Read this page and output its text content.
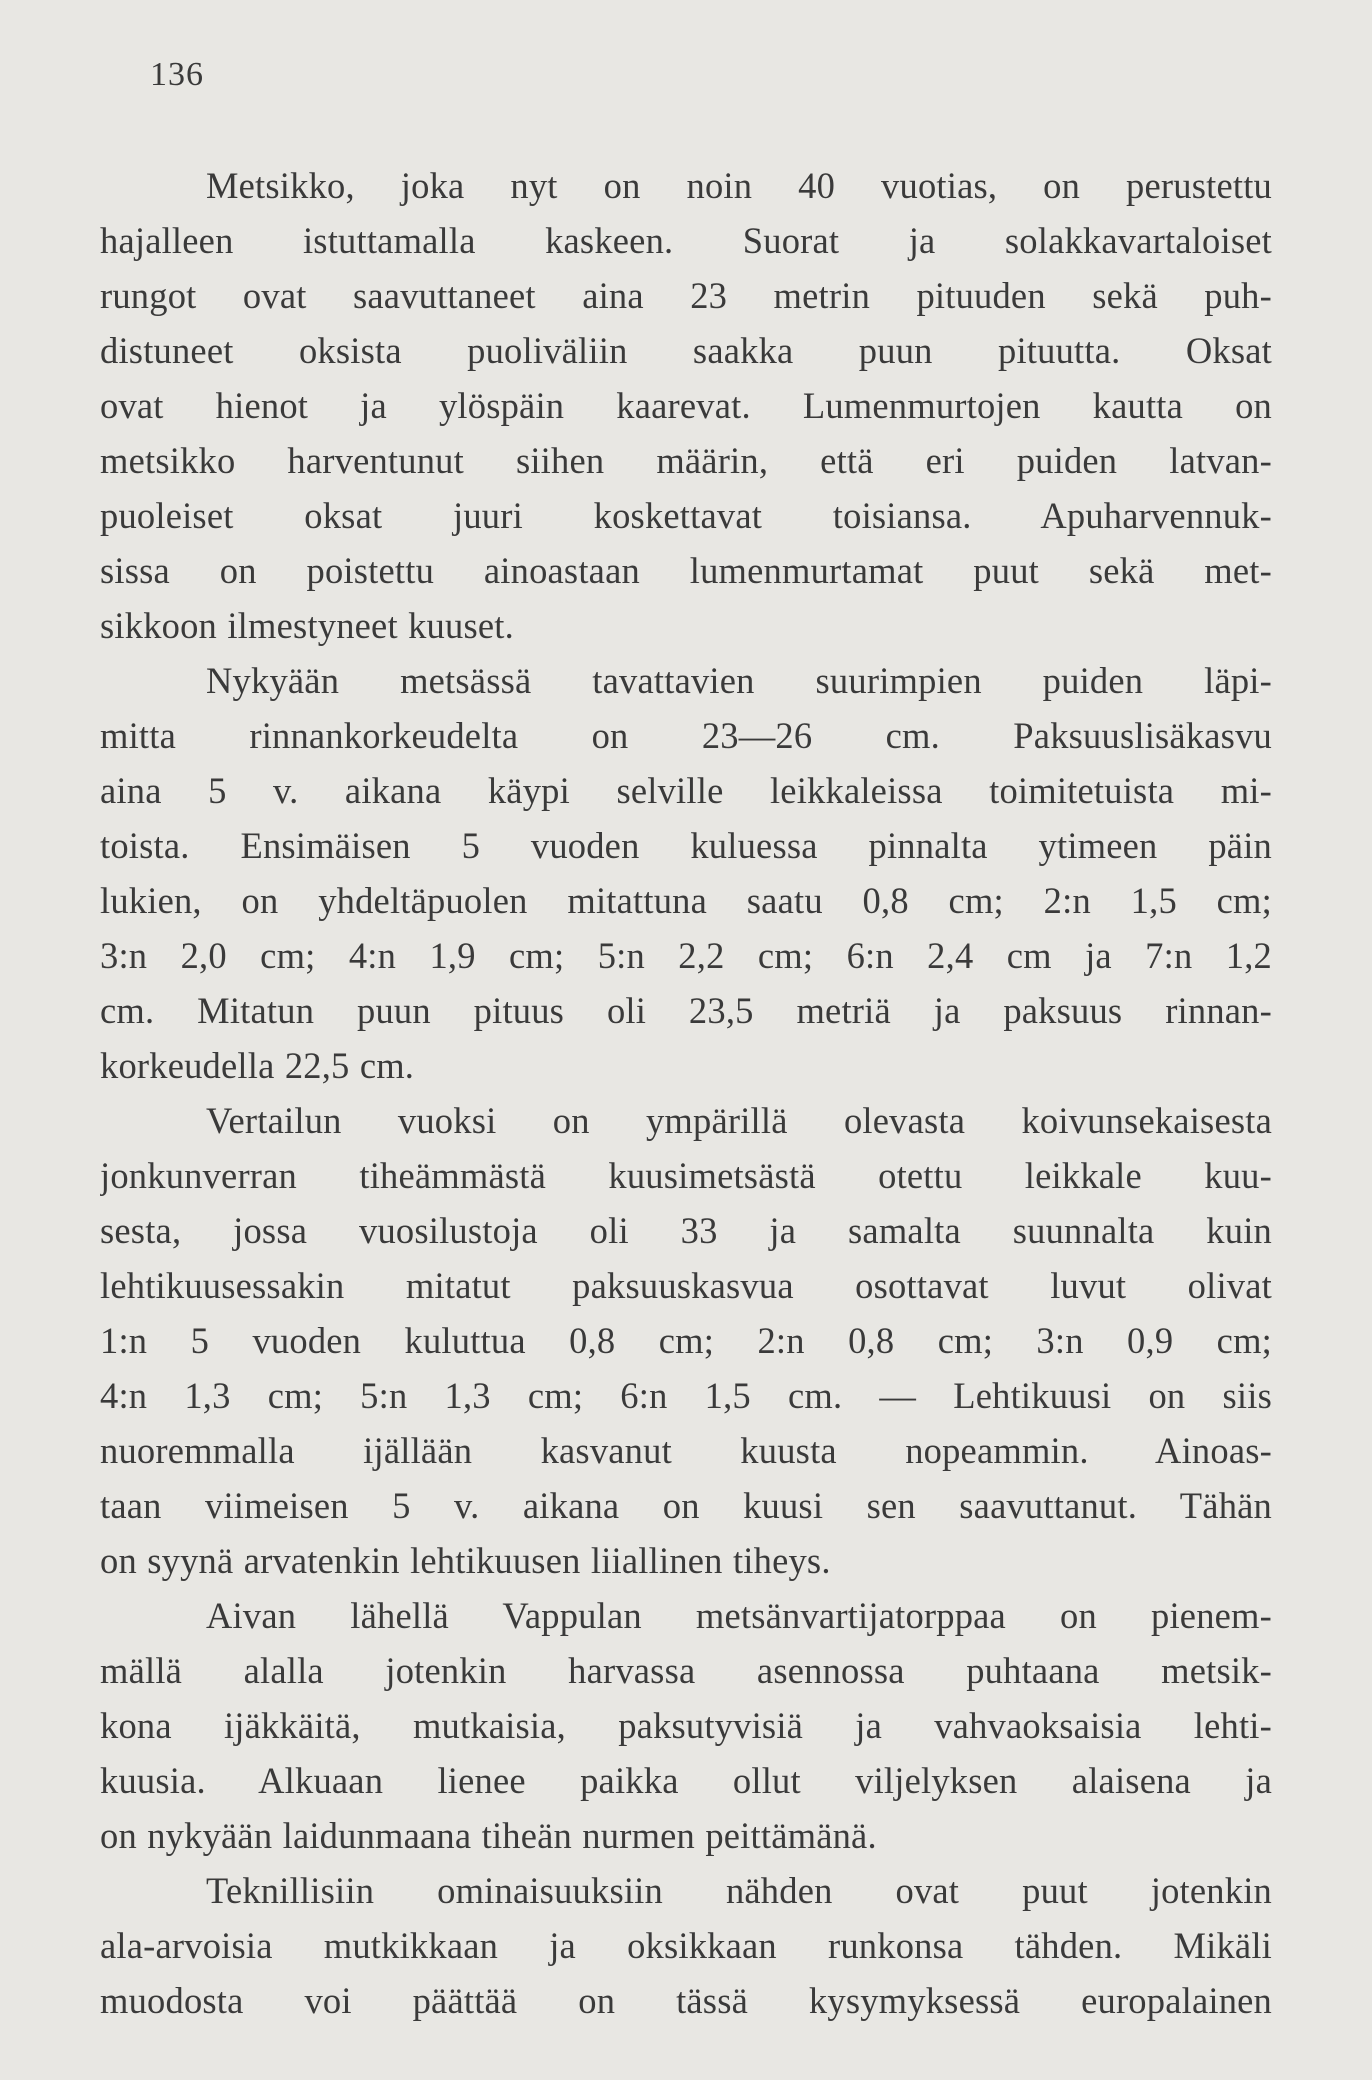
136
Metsikko, joka nyt on noin 40 vuotias, on perustettu
hajalleen istuttamalla kaskeen. Suorat ja solakkavartaloiset
rungot ovat saavuttaneet aina 23 metrin pituuden sekä puh-
distuneet oksista puoliväliin saakka puun pituutta. Oksat
ovat hienot ja ylöspäin kaarevat. Lumenmurtojen kautta on
metsikko harventunut siihen määrin, että eri puiden latvan-
puoleiset oksat juuri koskettavat toisiansa. Apuharvennuk-
sissa on poistettu ainoastaan lumenmurtamat puut sekä met-
sikkoon ilmestyneet kuuset.
Nykyään metsässä tavattavien suurimpien puiden läpi-
mitta rinnankorkeudelta on 23—26 cm. Paksuuslisäkasvu
aina 5 v. aikana käypi selville leikkaleissa toimitetuista mi-
toista. Ensimäisen 5 vuoden kuluessa pinnalta ytimeen päin
lukien, on yhdeltäpuolen mitattuna saatu 0,8 cm; 2:n 1,5 cm;
3:n 2,0 cm; 4:n 1,9 cm; 5:n 2,2 cm; 6:n 2,4 cm ja 7:n 1,2
cm. Mitatun puun pituus oli 23,5 metriä ja paksuus rinnan-
korkeudella 22,5 cm.
Vertailun vuoksi on ympärillä olevasta koivunsekaisesta
jonkunverran tiheämmästä kuusimetsästä otettu leikkale kuu-
sesta, jossa vuosilustoja oli 33 ja samalta suunnalta kuin
lehtikuusessakin mitatut paksuuskasvua osottavat luvut olivat
1:n 5 vuoden kuluttua 0,8 cm; 2:n 0,8 cm; 3:n 0,9 cm;
4:n 1,3 cm; 5:n 1,3 cm; 6:n 1,5 cm. — Lehtikuusi on siis
nuoremmalla ijällään kasvanut kuusta nopeammin. Ainoas-
taan viimeisen 5 v. aikana on kuusi sen saavuttanut. Tähän
on syynä arvatenkin lehtikuusen liiallinen tiheys.
Aivan lähellä Vappulan metsänvartijatorppaa on pienem-
mällä alalla jotenkin harvassa asennossa puhtaana metsik-
kona ijäkkäitä, mutkaisia, paksutyvisiä ja vahvaoksaisia lehti-
kuusia. Alkuaan lienee paikka ollut viljelyksen alaisena ja
on nykyään laidunmaana tiheän nurmen peittämänä.
Teknillisiin ominaisuuksiin nähden ovat puut jotenkin
ala-arvoisia mutkikkaan ja oksikkaan runkonsa tähden. Mikäli
muodosta voi päättää on tässä kysymyksessä europalainen
